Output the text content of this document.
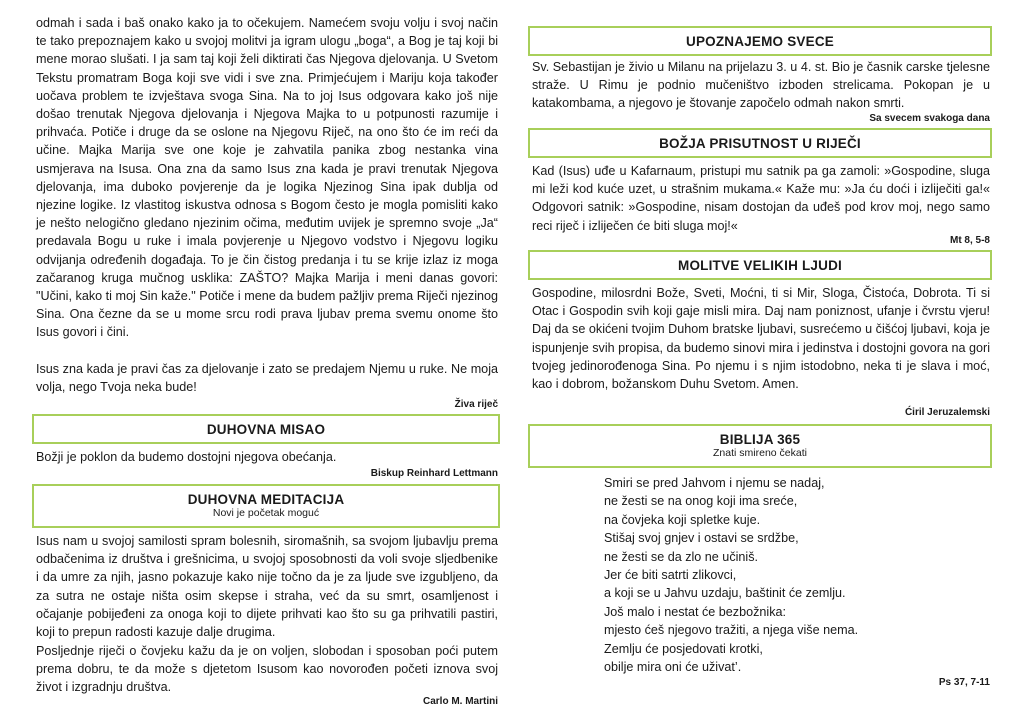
odmah i sada i baš onako kako ja to očekujem. Namećem svoju volju i svoj način te tako prepoznajem kako u svojoj molitvi ja igram ulogu „boga“, a Bog je taj koji bi mene morao slušati. I ja sam taj koji želi diktirati čas Njegova djelovanja. U Svetom Tekstu promatram Boga koji sve vidi i sve zna. Primjećujem i Mariju koja također uočava problem te izvještava svoga Sina. Na to joj Isus odgovara kako još nije došao trenutak Njegova djelovanja i Njegova Majka to u potpunosti razumije i prihvaća. Potiče i druge da se oslone na Njegovu Riječ, na ono što će im reći da učine. Majka Marija sve one koje je zahvatila panika zbog nestanka vina usmjerava na Isusa. Ona zna da samo Isus zna kada je pravi trenutak Njegova djelovanja, ima duboko povjerenje da je logika Njezinog Sina ipak dublja od njezine logike. Iz vlastitog iskustva odnosa s Bogom često je mogla pomisliti kako je nešto nelogično gledano njezinim očima, međutim uvijek je spremno svoje „Ja“ predavala Bogu u ruke i imala povjerenje u Njegovo vodstvo i Njegovu logiku odvijanja određenih događaja. To je čin čistog predanja i tu se krije izlaz iz moga začaranog kruga mučnog usklika: ZAŠTO? Majka Marija i meni danas govori: "Učini, kako ti moj Sin kaže." Potiče i mene da budem pažljiv prema Riječi njezinog Sina. Ona čezne da se u mome srcu rodi prava ljubav prema svemu onome što Isus govori i čini.

Isus zna kada je pravi čas za djelovanje i zato se predajem Njemu u ruke. Ne moja volja, nego Tvoja neka bude!

Živa riječ
DUHOVNA MISAO

Božji je poklon da budemo dostojni njegova obećanja.

Biskup Reinhard Lettmann
DUHOVNA MEDITACIJA
Novi je početak moguć

Isus nam u svojoj samilosti spram bolesnih, siromašnih, sa svojom ljubavlju prema odbačenima iz društva i grešnicima, u svojoj sposobnosti da voli svoje sljedbenike i da umre za njih, jasno pokazuje kako nije točno da je za ljude sve izgubljeno, da za sutra ne ostaje ništa osim skepse i straha, već da su smrt, osamljenost i očajanje pobijeđeni za onoga koji to dijete prihvati kao što su ga prihvatili pastiri, koji to prepun radosti kazuje dalje drugima.

Posljednje riječi o čovjeku kažu da je on voljen, slobodan i sposoban poći putem prema dobru, te da može s djetetom Isusom kao novorođen početi iznova svoj život i izgradnju društva.

Carlo M. Martini
UPOZNAJEMO SVECE

Sv. Sebastijan je živio u Milanu na prijelazu 3. u 4. st. Bio je časnik carske tjelesne straže. U Rimu je podnio mučeništvo izboden strelicama. Pokopan je u katakombama, a njegovo je štovanje započelo odmah nakon smrti.

Sa svecem svakoga dana
BOŽJA PRISUTNOST U RIJEČI

Kad (Isus) uđe u Kafarnaum, pristupi mu satnik pa ga zamoli: »Gospodine, sluga mi leži kod kuće uzet, u strašnim mukama.« Kaže mu: »Ja ću doći i izliječiti ga!« Odgovori satnik: »Gospodine, nisam dostojan da uđeš pod krov moj, nego samo reci riječ i izliječen će biti sluga moj!«

Mt 8, 5-8
MOLITVE VELIKIH LJUDI

Gospodine, milosrdni Bože, Sveti, Moćni, ti si Mir, Sloga, Čistoća, Dobrota. Ti si Otac i Gospodin svih koji gaje misli mira. Daj nam poniznost, ufanje i čvrstu vjeru! Daj da se okićeni tvojim Duhom bratske ljubavi, susrećemo u čišćoj ljubavi, koja je ispunjenje svih propisa, da budemo sinovi mira i jedinstva i dostojni govora na gori tvojeg jedinorođenoga Sina. Po njemu i s njim istodobno, neka ti je slava i moć, kao i dobrom, božanskom Duhu Svetom. Amen.

Ćiril Jeruzalemski
BIBLIJA 365
Znati smireno čekati

Smiri se pred Jahvom i njemu se nadaj,

ne žesti se na onog koji ima sreće,

na čovjeka koji spletke kuje.

Stišaj svoj gnjev i ostavi se srdžbe,

ne žesti se da zlo ne učiniš.

Jer će biti satrti zlikovci,

a koji se u Jahvu uzdaju, baštinit će zemlju.

Još malo i nestat će bezbožnika:

mjesto ćeš njegovo tražiti, a njega više nema.

Zemlju će posjedovati krotki,

obilje mira oni će uživat’.

Ps 37, 7-11
